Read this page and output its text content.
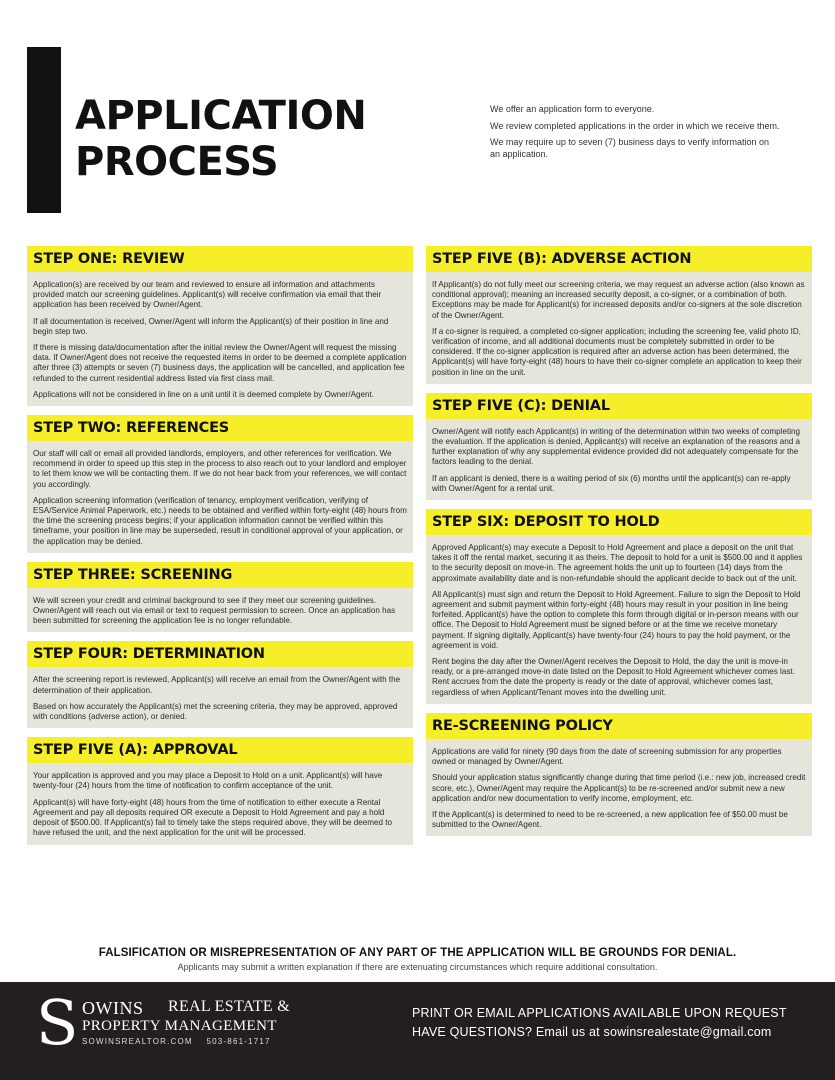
APPLICATION
PROCESS

We offer an application form to everyone.

We review completed applications in the order in which we receive them.

We may require up to seven (7) business days to verify information on an application.

STEP ONE: REVIEW

Application(s) are received by our team and reviewed to ensure all information and attachments provided match our screening guidelines. Applicant(s) will receive confirmation via email that their application has been received by Owner/Agent.

If all documentation is received, Owner/Agent will inform the Applicant(s) of their position in line and begin step two.

If there is missing data/documentation after the initial review the Owner/Agent will request the missing data. If Owner/Agent does not receive the requested items in order to be deemed a complete application after three (3) attempts or seven (7) business days, the application will be cancelled, and application fee refunded to the current residential address listed via first class mail.

Applications will not be considered in line on a unit until it is deemed complete by Owner/Agent.

STEP TWO: REFERENCES

Our staff will call or email all provided landlords, employers, and other references for verification. We recommend in order to speed up this step in the process to also reach out to your landlord and employer to let them know we will be contacting them. If we do not hear back from your references, we will contact you accordingly.

Application screening information (verification of tenancy, employment verification, verifying of ESA/Service Animal Paperwork, etc.) needs to be obtained and verified within forty-eight (48) hours from the time the screening process begins; if your application information cannot be verified within this timeframe, your position in line may be superseded, result in conditional approval of your application, or the application may be denied.

STEP THREE: SCREENING

We will screen your credit and criminal background to see if they meet our screening guidelines. Owner/Agent will reach out via email or text to request permission to screen. Once an application has been submitted for screening the application fee is no longer refundable.

STEP FOUR: DETERMINATION

After the screening report is reviewed, Applicant(s) will receive an email from the Owner/Agent with the determination of their application.

Based on how accurately the Applicant(s) met the screening criteria, they may be approved, approved with conditions (adverse action), or denied.

STEP FIVE (A): APPROVAL

Your application is approved and you may place a Deposit to Hold on a unit. Applicant(s) will have twenty-four (24) hours from the time of notification to confirm acceptance of the unit.

Applicant(s) will have forty-eight (48) hours from the time of notification to either execute a Rental Agreement and pay all deposits required OR execute a Deposit to Hold Agreement and pay a hold deposit of $500.00. If Applicant(s) fail to timely take the steps required above, they will be deemed to have refused the unit, and the next application for the unit will be processed.

STEP FIVE (B): ADVERSE ACTION

If Applicant(s) do not fully meet our screening criteria, we may request an adverse action (also known as conditional approval); meaning an increased security deposit, a co-signer, or a combination of both. Exceptions may be made for Applicant(s) for increased deposits and/or co-signers at the sole discretion of the Owner/Agent.

If a co-signer is required, a completed co-signer application; including the screening fee, valid photo ID, verification of income, and all additional documents must be completely submitted in order to be considered. If the co-signer application is required after an adverse action has been determined, the Applicant(s) will have forty-eight (48) hours to have their co-signer complete an application to keep their position in line on the unit.

STEP FIVE (C): DENIAL

Owner/Agent will notify each Applicant(s) in writing of the determination within two weeks of completing the evaluation. If the application is denied, Applicant(s) will receive an explanation of the reasons and a further explanation of why any supplemental evidence provided did not adequately compensate for the factors leading to the denial.

If an applicant is denied, there is a waiting period of six (6) months until the applicant(s) can re-apply with Owner/Agent for a rental unit.

STEP SIX: DEPOSIT TO HOLD

Approved Applicant(s) may execute a Deposit to Hold Agreement and place a deposit on the unit that takes it off the rental market, securing it as theirs. The deposit to hold for a unit is $500.00 and it applies to the security deposit on move-in. The agreement holds the unit up to fourteen (14) days from the approximate availability date and is non-refundable should the applicant decide to back out of the unit.

All Applicant(s) must sign and return the Deposit to Hold Agreement. Failure to sign the Deposit to Hold agreement and submit payment within forty-eight (48) hours may result in your position in line being forfeited. Applicant(s) have the option to complete this form through digital or in-person means with our office. The Deposit to Hold Agreement must be signed before or at the time we receive monetary payment. If signing digitally, Applicant(s) have twenty-four (24) hours to pay the hold payment, or the agreement is void.

Rent begins the day after the Owner/Agent receives the Deposit to Hold, the day the unit is move-in ready, or a pre-arranged move-in date listed on the Deposit to Hold Agreement whichever comes last. Rent accrues from the date the property is ready or the date of approval, whichever comes last, regardless of when Applicant/Tenant moves into the dwelling unit.

RE-SCREENING POLICY

Applications are valid for ninety (90 days from the date of screening submission for any properties owned or managed by Owner/Agent.

Should your application status significantly change during that time period (i.e.: new job, increased credit score, etc.), Owner/Agent may require the Applicant(s) to be re-screened and/or submit new a new application and/or new documentation to verify income, employment, etc.

If the Applicant(s) is determined to need to be re-screened, a new application fee of $50.00 must be submitted to the Owner/Agent.

FALSIFICATION OR MISREPRESENTATION OF ANY PART OF THE APPLICATION WILL BE GROUNDS FOR DENIAL.
Applicants may submit a written explanation if there are extenuating circumstances which require additional consultation.
S OWINS REAL ESTATE &
PROPERTY MANAGEMENT
SOWINSREALTOR.COM 503-861-1717
PRINT OR EMAIL APPLICATIONS AVAILABLE UPON REQUEST
HAVE QUESTIONS? Email us at sowinsrealestate@gmail.com
